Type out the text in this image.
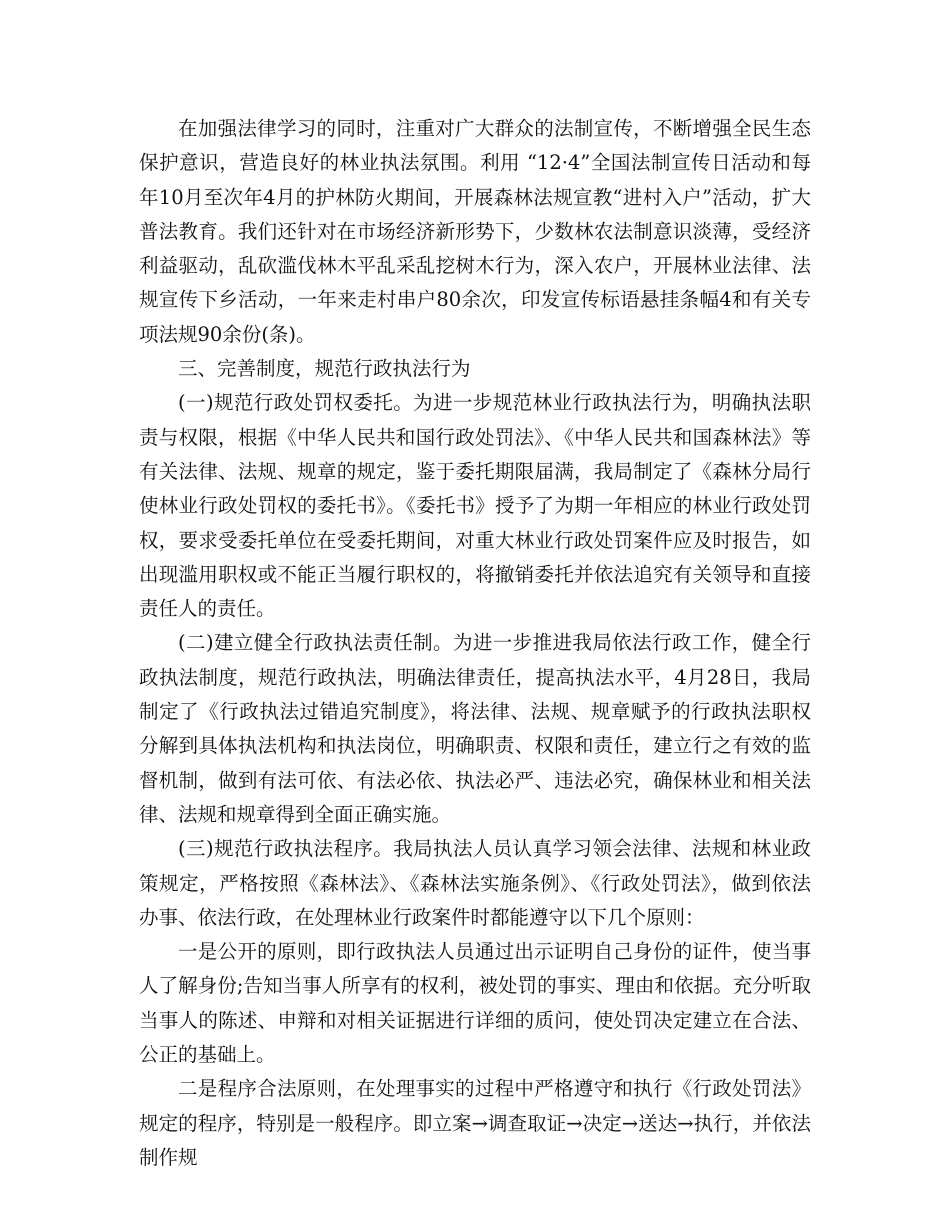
在加强法律学习的同时，注重对广大群众的法制宣传，不断增强全民生态保护意识，营造良好的林业执法氛围。利用 “12·4”全国法制宣传日活动和每年10月至次年4月的护林防火期间，开展森林法规宣教“进村入户”活动，扩大普法教育。我们还针对在市场经济新形势下，少数林农法制意识淡薄，受经济利益驱动，乱砍滥伐林木平乱采乱挖树木行为，深入农户，开展林业法律、法规宣传下乡活动，一年来走村串户80余次，印发宣传标语悬挂条幅4和有关专项法规90余份(条)。

三、完善制度，规范行政执法行为

(一)规范行政处罚权委托。为进一步规范林业行政执法行为，明确执法职责与权限，根据《中华人民共和国行政处罚法》、《中华人民共和国森林法》等有关法律、法规、规章的规定，鉴于委托期限届满，我局制定了《森林分局行使林业行政处罚权的委托书》。《委托书》授予了为期一年相应的林业行政处罚权，要求受委托单位在受委托期间，对重大林业行政处罚案件应及时报告，如出现滥用职权或不能正当履行职权的，将撤销委托并依法追究有关领导和直接责任人的责任。

(二)建立健全行政执法责任制。为进一步推进我局依法行政工作，健全行政执法制度，规范行政执法，明确法律责任，提高执法水平，4月28日，我局制定了《行政执法过错追究制度》，将法律、法规、规章赋予的行政执法职权分解到具体执法机构和执法岗位，明确职责、权限和责任，建立行之有效的监督机制，做到有法可依、有法必依、执法必严、违法必究，确保林业和相关法律、法规和规章得到全面正确实施。

(三)规范行政执法程序。我局执法人员认真学习领会法律、法规和林业政策规定，严格按照《森林法》、《森林法实施条例》、《行政处罚法》，做到依法办事、依法行政，在处理林业行政案件时都能遵守以下几个原则：

一是公开的原则，即行政执法人员通过出示证明自己身份的证件，使当事人了解身份;告知当事人所享有的权利，被处罚的事实、理由和依据。充分听取当事人的陈述、申辩和对相关证据进行详细的质问，使处罚决定建立在合法、公正的基础上。

二是程序合法原则，在处理事实的过程中严格遵守和执行《行政处罚法》规定的程序，特别是一般程序。即立案→调查取证→决定→送达→执行，并依法制作规
